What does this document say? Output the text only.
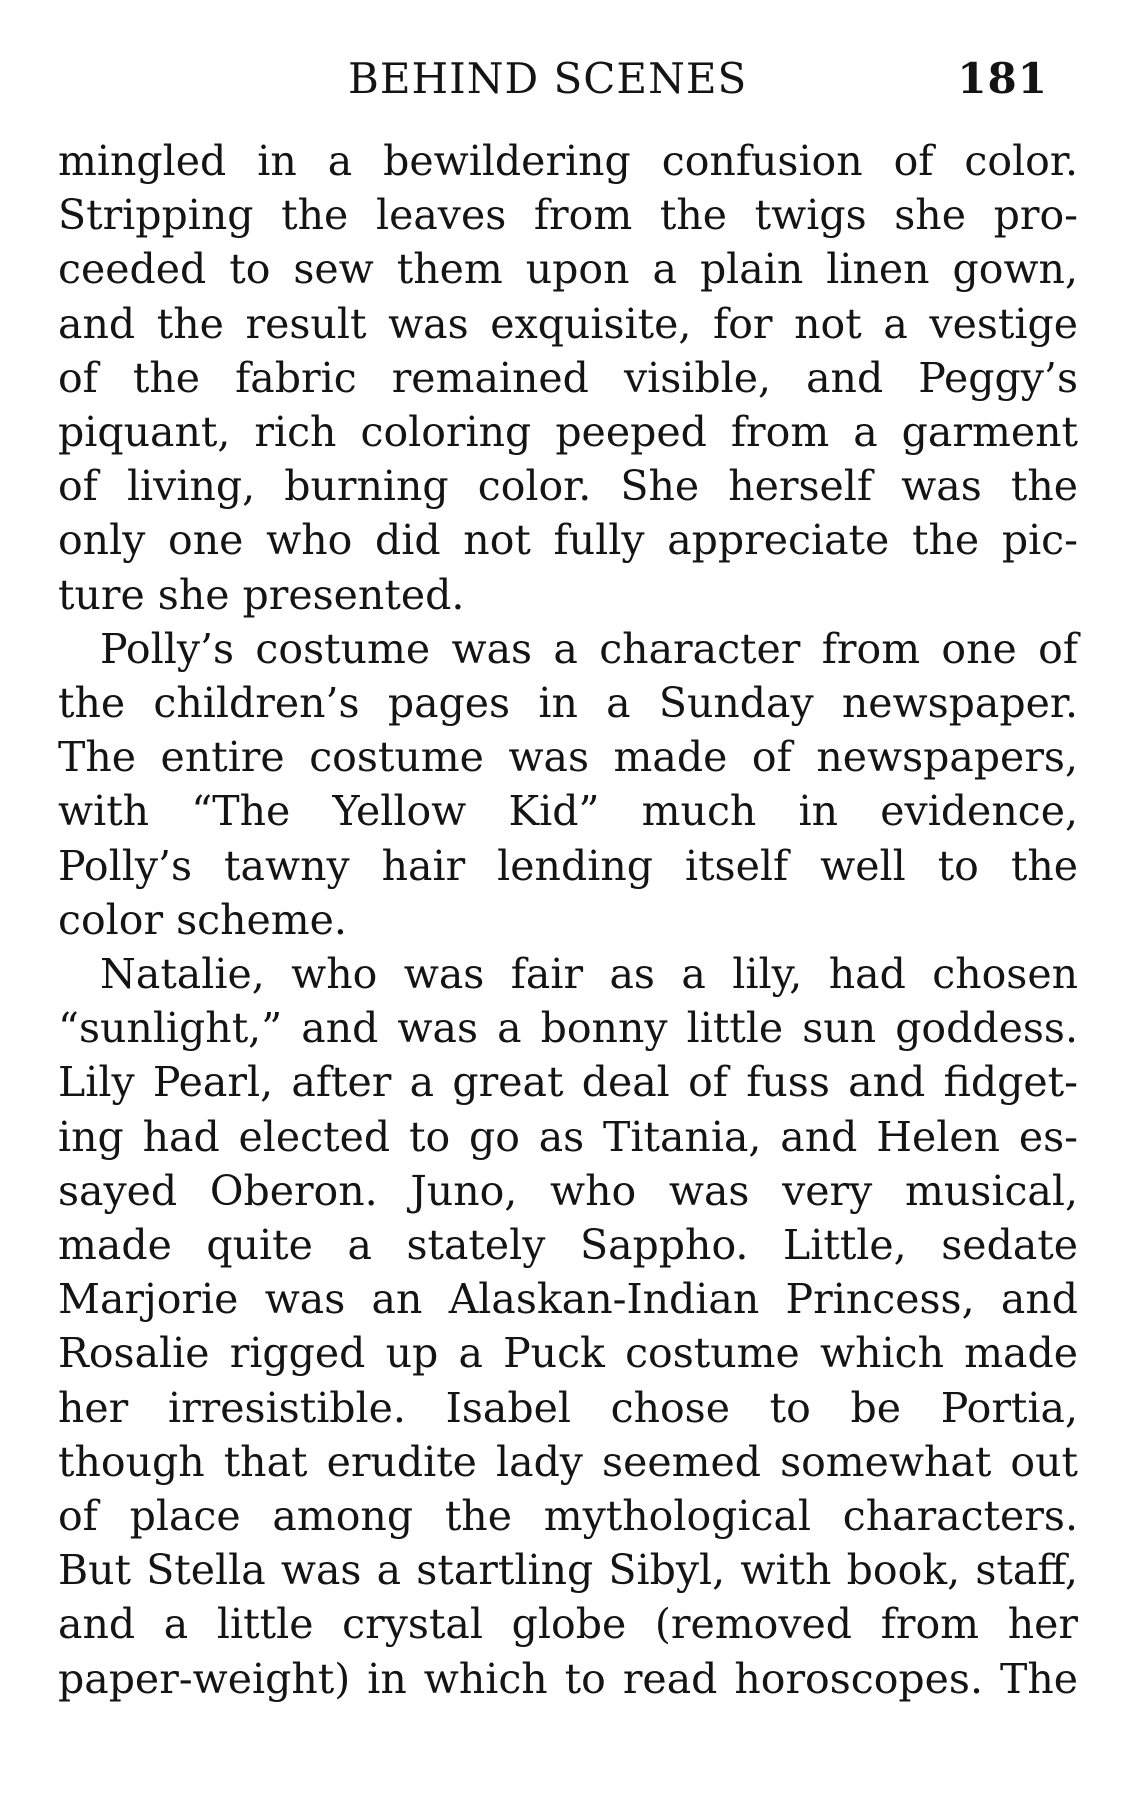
BEHIND SCENES	181

mingled in a bewildering confusion of color.
Stripping the leaves from the twigs she pro-
ceeded to sew them upon a plain linen gown,
and the result was exquisite, for not a vestige
of the fabric remained visible, and Peggy’s
piquant, rich coloring peeped from a garment
of living, burning color. She herself was the
only one who did not fully appreciate the pic-
ture she presented.

Polly’s costume was a character from one of
the children’s pages in a Sunday newspaper.
The entire costume was made of newspapers,
with “The Yellow Kid” much in evidence,
Polly’s tawny hair lending itself well to the
color scheme.

Natalie, who was fair as a lily, had chosen
“sunlight,” and was a bonny little sun goddess.
Lily Pearl, after a great deal of fuss and fidget-
ing had elected to go as Titania, and Helen es-
sayed Oberon. Juno, who was very musical,
made quite a stately Sappho. Little, sedate
Marjorie was an Alaskan-Indian Princess, and
Rosalie rigged up a Puck costume which made
her irresistible. Isabel chose to be Portia,
though that erudite lady seemed somewhat out
of place among the mythological characters.
But Stella was a startling Sibyl, with book, staff,
and a little crystal globe (removed from her
paper-weight) in which to read horoscopes. The
